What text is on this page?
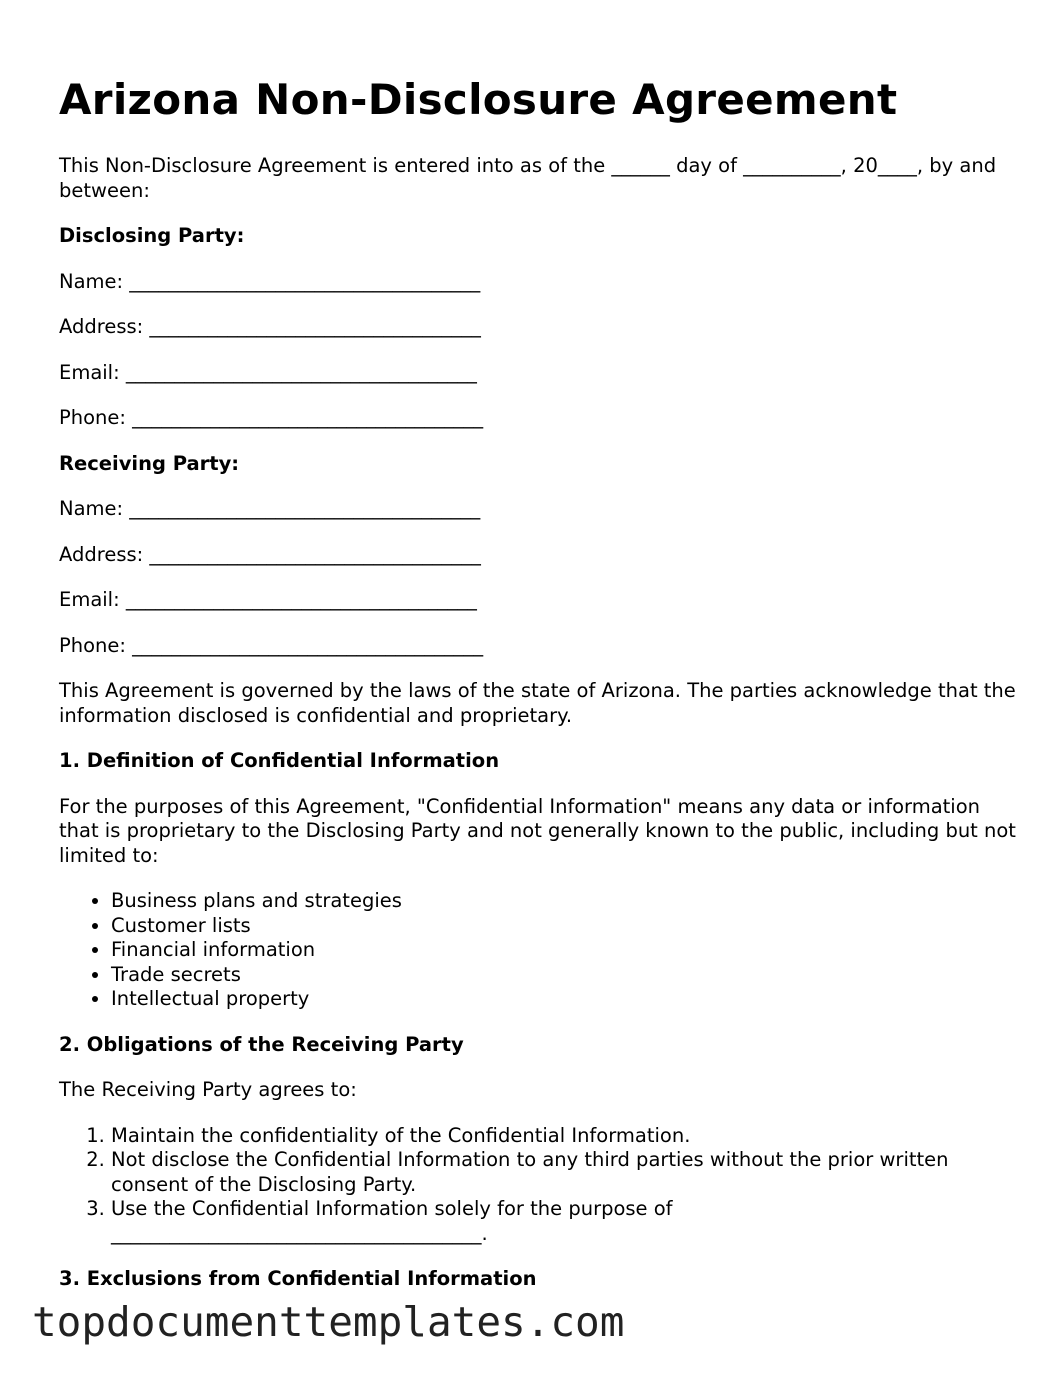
Arizona Non-Disclosure Agreement

This Non-Disclosure Agreement is entered into as of the ______ day of __________, 20____, by and between:

Disclosing Party:

Name: ____________________________________

Address: __________________________________

Email: ____________________________________

Phone: ____________________________________

Receiving Party:

Name: ____________________________________

Address: __________________________________

Email: ____________________________________

Phone: ____________________________________

This Agreement is governed by the laws of the state of Arizona. The parties acknowledge that the information disclosed is confidential and proprietary.

1. Definition of Confidential Information

For the purposes of this Agreement, "Confidential Information" means any data or information that is proprietary to the Disclosing Party and not generally known to the public, including but not limited to:

• Business plans and strategies
• Customer lists
• Financial information
• Trade secrets
• Intellectual property

2. Obligations of the Receiving Party

The Receiving Party agrees to:

1. Maintain the confidentiality of the Confidential Information.
2. Not disclose the Confidential Information to any third parties without the prior written consent of the Disclosing Party.
3. Use the Confidential Information solely for the purpose of ______________________________________.

3. Exclusions from Confidential Information

topdocumenttemplates.com
